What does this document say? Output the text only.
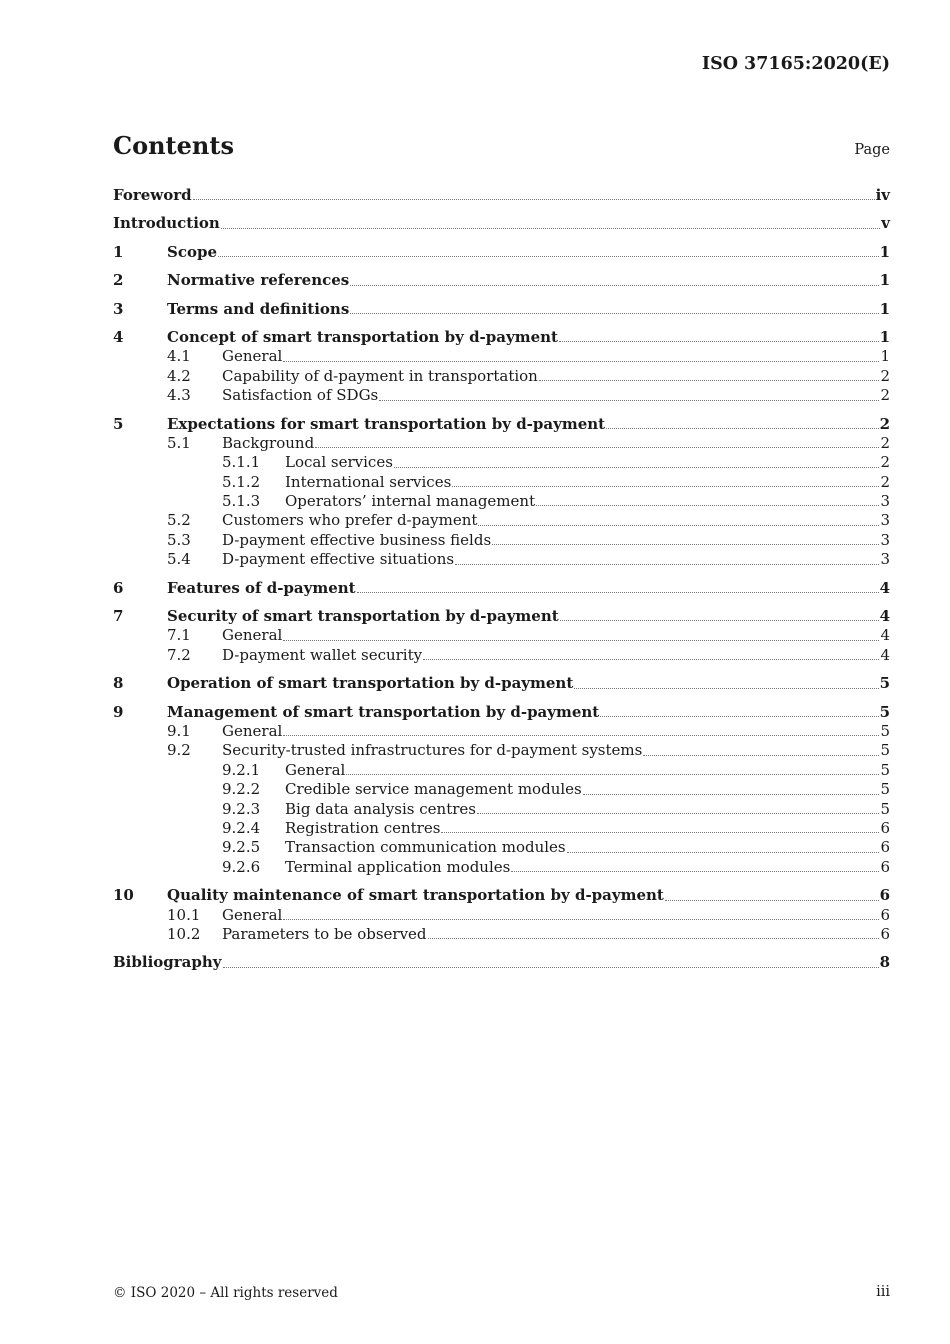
ISO 37165:2020(E)
Contents	Page
Foreword	iv
Introduction	v
1	Scope	1
2	Normative references	1
3	Terms and definitions	1
4	Concept of smart transportation by d-payment	1
4.1	General	1
4.2	Capability of d-payment in transportation	2
4.3	Satisfaction of SDGs	2
5	Expectations for smart transportation by d-payment	2
5.1	Background	2
5.1.1	Local services	2
5.1.2	International services	2
5.1.3	Operators’ internal management	3
5.2	Customers who prefer d-payment	3
5.3	D-payment effective business fields	3
5.4	D-payment effective situations	3
6	Features of d-payment	4
7	Security of smart transportation by d-payment	4
7.1	General	4
7.2	D-payment wallet security	4
8	Operation of smart transportation by d-payment	5
9	Management of smart transportation by d-payment	5
9.1	General	5
9.2	Security-trusted infrastructures for d-payment systems	5
9.2.1	General	5
9.2.2	Credible service management modules	5
9.2.3	Big data analysis centres	5
9.2.4	Registration centres	6
9.2.5	Transaction communication modules	6
9.2.6	Terminal application modules	6
10	Quality maintenance of smart transportation by d-payment	6
10.1	General	6
10.2	Parameters to be observed	6
Bibliography	8
© ISO 2020 – All rights reserved	iii
